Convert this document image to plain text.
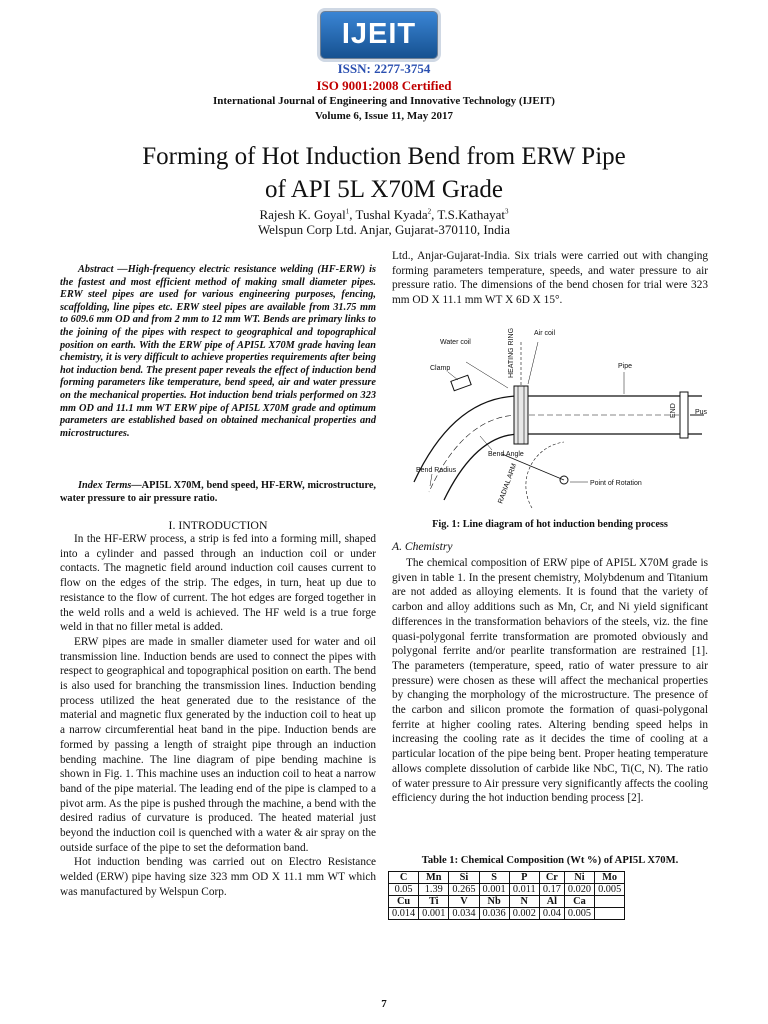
IJEIT
ISSN: 2277-3754
ISO 9001:2008 Certified
International Journal of Engineering and Innovative Technology (IJEIT)
Volume 6, Issue 11, May 2017
Forming of Hot Induction Bend from ERW Pipe
of API 5L X70M Grade
Rajesh K. Goyal$^1$, Tushal Kyada$^2$, T.S.Kathayat$^3$
Welspun Corp Ltd. Anjar, Gujarat-370110, India
Abstract —High-frequency electric resistance welding (HF-ERW) is the fastest and most efficient method of making small diameter pipes. ERW steel pipes are used for various engineering purposes, fencing, scaffolding, line pipes etc. ERW steel pipes are available from 31.75 mm to 609.6 mm OD and from 2 mm to 12 mm WT. Bends are primary links to the joining of the pipes with respect to geographical and topographical position on earth. With the ERW pipe of API5L X70M grade having lean chemistry, it is very difficult to achieve properties requirements after being hot induction bend. The present paper reveals the effect of induction bend forming parameters like temperature, bend speed, air and water pressure on the mechanical properties. Hot induction bend trials performed on 323 mm OD and 11.1 mm WT ERW pipe of API5L X70M grade and optimum parameters are established based on obtained mechanical properties and microstructures.
Index Terms—API5L X70M, bend speed, HF-ERW, microstructure, water pressure to air pressure ratio.
I. INTRODUCTION

In the HF-ERW process, a strip is fed into a forming mill, shaped into a cylinder and passed through an induction coil or under contacts. The magnetic field around induction coil causes current to flow on the edges of the strip. The edges, in turn, heat up due to resistance to the flow of current. The hot edges are forged together in the weld rolls and a weld is achieved. The HF weld is a true forge weld in that no filler metal is added.

ERW pipes are made in smaller diameter used for water and oil transmission line. Induction bends are used to connect the pipes with respect to geographical and topographical position on earth. The bend is also used for branching the transmission lines. Induction bending process utilized the heat generated due to the resistance of the material and magnetic flux generated by the induction coil to heat up a narrow circumferential heat band in the pipe. Induction bends are formed by passing a length of straight pipe through an induction bending machine. The line diagram of pipe bending machine is shown in Fig. 1. This machine uses an induction coil to heat a narrow band of the pipe material. The leading end of the pipe is clamped to a pivot arm. As the pipe is pushed through the machine, a bend with the desired radius of curvature is produced. The heated material just beyond the induction coil is quenched with a water & air spray on the outside surface of the pipe to set the deformation band.

Hot induction bending was carried out on Electro Resistance welded (ERW) pipe having size 323 mm OD X 11.1 mm WT which was manufactured by Welspun Corp.

Ltd., Anjar-Gujarat-India. Six trials were carried out with changing forming parameters temperature, speeds, and water pressure to air pressure ratio. The dimensions of the bend chosen for trial were 323 mm OD X 11.1 mm WT X 6D X 15°.
Water coil
Air coil
HEATING RING
Clamp	Pipe
END	Pus
Bend Angle
Bend Radius	RADIAL ARM	Point of Rotation
Fig. 1: Line diagram of hot induction bending process
A. Chemistry
The chemical composition of ERW pipe of API5L X70M grade is given in table 1. In the present chemistry, Molybdenum and Titanium are not added as alloying elements. It is found that the variety of carbon and alloy additions such as Mn, Cr, and Ni yield significant differences in the transformation behaviors of the steels, viz. the fine quasi-polygonal ferrite transformation are promoted obviously and polygonal ferrite and/or pearlite transformation are restrained [1]. The parameters (temperature, speed, ratio of water pressure to air pressure) were chosen as these will affect the mechanical properties by changing the morphology of the microstructure. The presence of the carbon and silicon promote the formation of quasi-polygonal ferrite at higher cooling rates. Altering bending speed helps in increasing the cooling rate as it decides the time of cooling at a particular location of the pipe being bent. Proper heating temperature allows complete dissolution of carbide like NbC, Ti(C, N). The ratio of water pressure to Air pressure very significantly affects the cooling efficiency during the hot induction bending process [2].
Table 1: Chemical Composition (Wt %) of API5L X70M.
C	Mn	Si	S	P	Cr	Ni	Mo
0.05	1.39	0.265	0.001	0.011	0.17	0.020	0.005
Cu	Ti	V	Nb	N	Al	Ca	
0.014	0.001	0.034	0.036	0.002	0.04	0.005	
7
